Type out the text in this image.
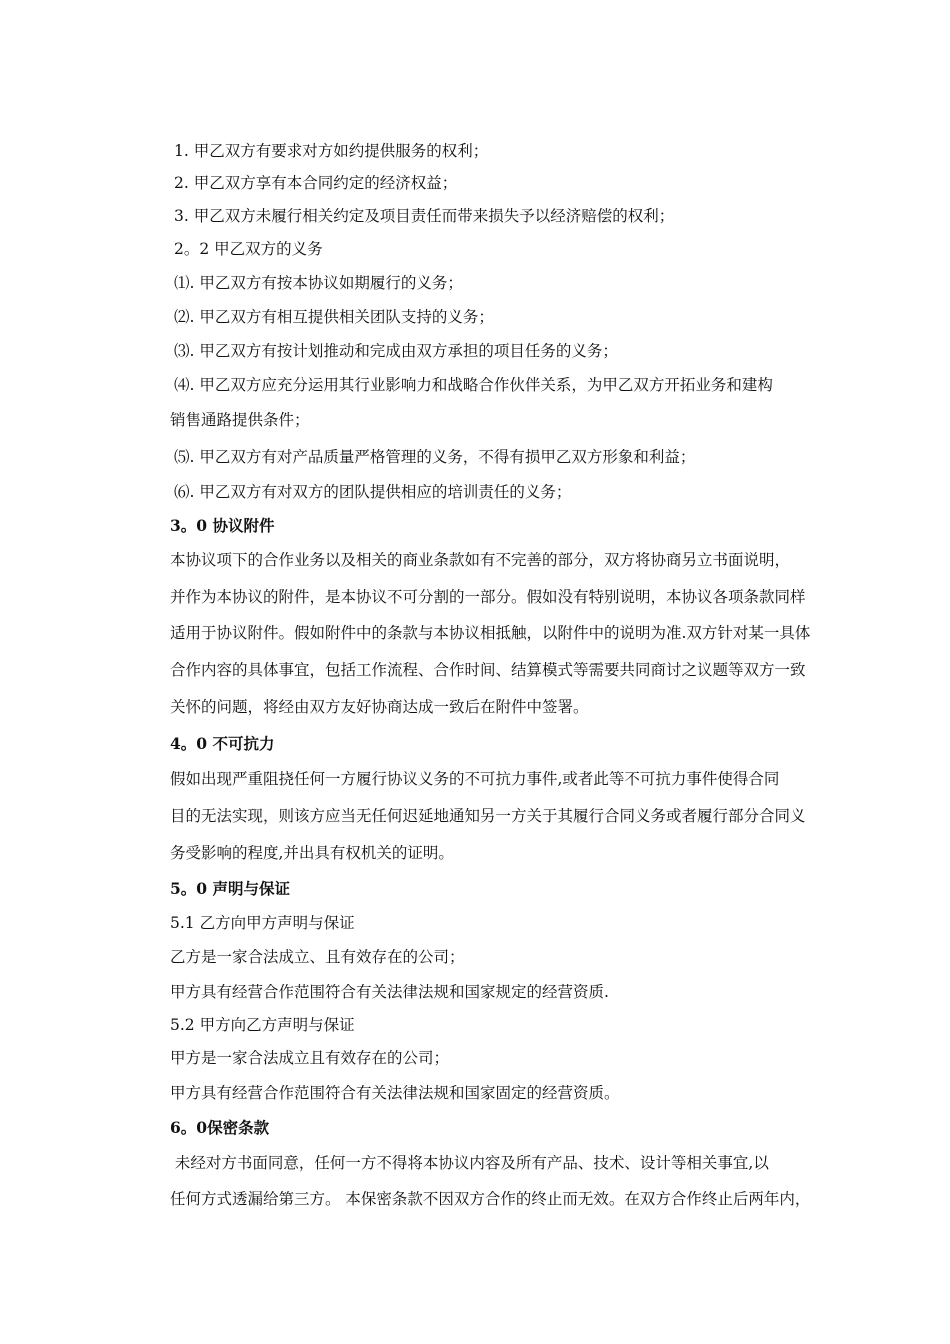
1. 甲乙双方有要求对方如约提供服务的权利；
2. 甲乙双方享有本合同约定的经济权益；
3. 甲乙双方未履行相关约定及项目责任而带来损失予以经济赔偿的权利；
2。2 甲乙双方的义务
⑴. 甲乙双方有按本协议如期履行的义务；
⑵. 甲乙双方有相互提供相关团队支持的义务；
⑶. 甲乙双方有按计划推动和完成由双方承担的项目任务的义务；
⑷. 甲乙双方应充分运用其行业影响力和战略合作伙伴关系，为甲乙双方开拓业务和建构
销售通路提供条件；
⑸. 甲乙双方有对产品质量严格管理的义务，不得有损甲乙双方形象和利益；
⑹. 甲乙双方有对双方的团队提供相应的培训责任的义务；
3。0 协议附件
本协议项下的合作业务以及相关的商业条款如有不完善的部分，双方将协商另立书面说明，
并作为本协议的附件，是本协议不可分割的一部分。假如没有特别说明，本协议各项条款同样
适用于协议附件。假如附件中的条款与本协议相抵触，以附件中的说明为准.双方针对某一具体
合作内容的具体事宜，包括工作流程、合作时间、结算模式等需要共同商讨之议题等双方一致
关怀的问题，将经由双方友好协商达成一致后在附件中签署。
4。0 不可抗力
假如出现严重阻挠任何一方履行协议义务的不可抗力事件,或者此等不可抗力事件使得合同
目的无法实现，则该方应当无任何迟延地通知另一方关于其履行合同义务或者履行部分合同义
务受影响的程度,并出具有权机关的证明。
5。0 声明与保证
5.1 乙方向甲方声明与保证
乙方是一家合法成立、且有效存在的公司；
甲方具有经营合作范围符合有关法律法规和国家规定的经营资质.
5.2 甲方向乙方声明与保证
甲方是一家合法成立且有效存在的公司；
甲方具有经营合作范围符合有关法律法规和国家固定的经营资质。
6。0保密条款
未经对方书面同意，任何一方不得将本协议内容及所有产品、技术、设计等相关事宜,以
任何方式透漏给第三方。 本保密条款不因双方合作的终止而无效。在双方合作终止后两年内，
